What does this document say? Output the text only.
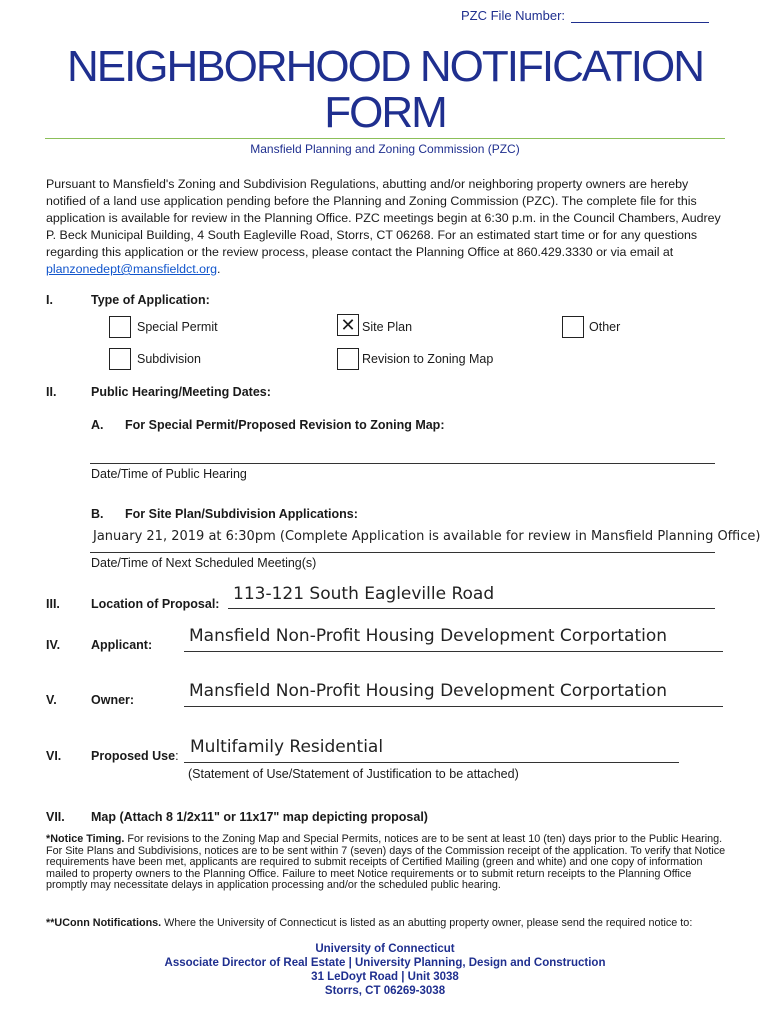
PZC File Number:
NEIGHBORHOOD NOTIFICATION
FORM
Mansfield Planning and Zoning Commission (PZC)
Pursuant to Mansfield's Zoning and Subdivision Regulations, abutting and/or neighboring property owners are hereby notified of a land use application pending before the Planning and Zoning Commission (PZC). The complete file for this application is available for review in the Planning Office. PZC meetings begin at 6:30 p.m. in the Council Chambers, Audrey P. Beck Municipal Building, 4 South Eagleville Road, Storrs, CT 06268. For an estimated start time or for any questions regarding this application or the review process, please contact the Planning Office at 860.429.3330 or via email at planzonedept@mansfieldct.org.
I.	Type of Application:
Special Permit	✕ Site Plan	Other
Subdivision	Revision to Zoning Map
II.	Public Hearing/Meeting Dates:
A. For Special Permit/Proposed Revision to Zoning Map:
Date/Time of Public Hearing
B. For Site Plan/Subdivision Applications:
January 21, 2019 at 6:30pm (Complete Application is available for review in Mansfield Planning Office)
Date/Time of Next Scheduled Meeting(s)
III. Location of Proposal: 113-121 South Eagleville Road
IV. Applicant: Mansfield Non-Profit Housing Development Corportation
V.	Owner:	Mansfield Non-Profit Housing Development Corportation
VI. Proposed Use: Multifamily Residential
(Statement of Use/Statement of Justification to be attached)
VII. Map (Attach 8 1/2x11" or 11x17" map depicting proposal)
*Notice Timing. For revisions to the Zoning Map and Special Permits, notices are to be sent at least 10 (ten) days prior to the Public Hearing. For Site Plans and Subdivisions, notices are to be sent within 7 (seven) days of the Commission receipt of the application. To verify that Notice requirements have been met, applicants are required to submit receipts of Certified Mailing (green and white) and one copy of information mailed to property owners to the Planning Office. Failure to meet Notice requirements or to submit return receipts to the Planning Office promptly may necessitate delays in application processing and/or the scheduled public hearing.
**UConn Notifications. Where the University of Connecticut is listed as an abutting property owner, please send the required notice to:
University of Connecticut
Associate Director of Real Estate | University Planning, Design and Construction
31 LeDoyt Road | Unit 3038
Storrs, CT 06269-3038
